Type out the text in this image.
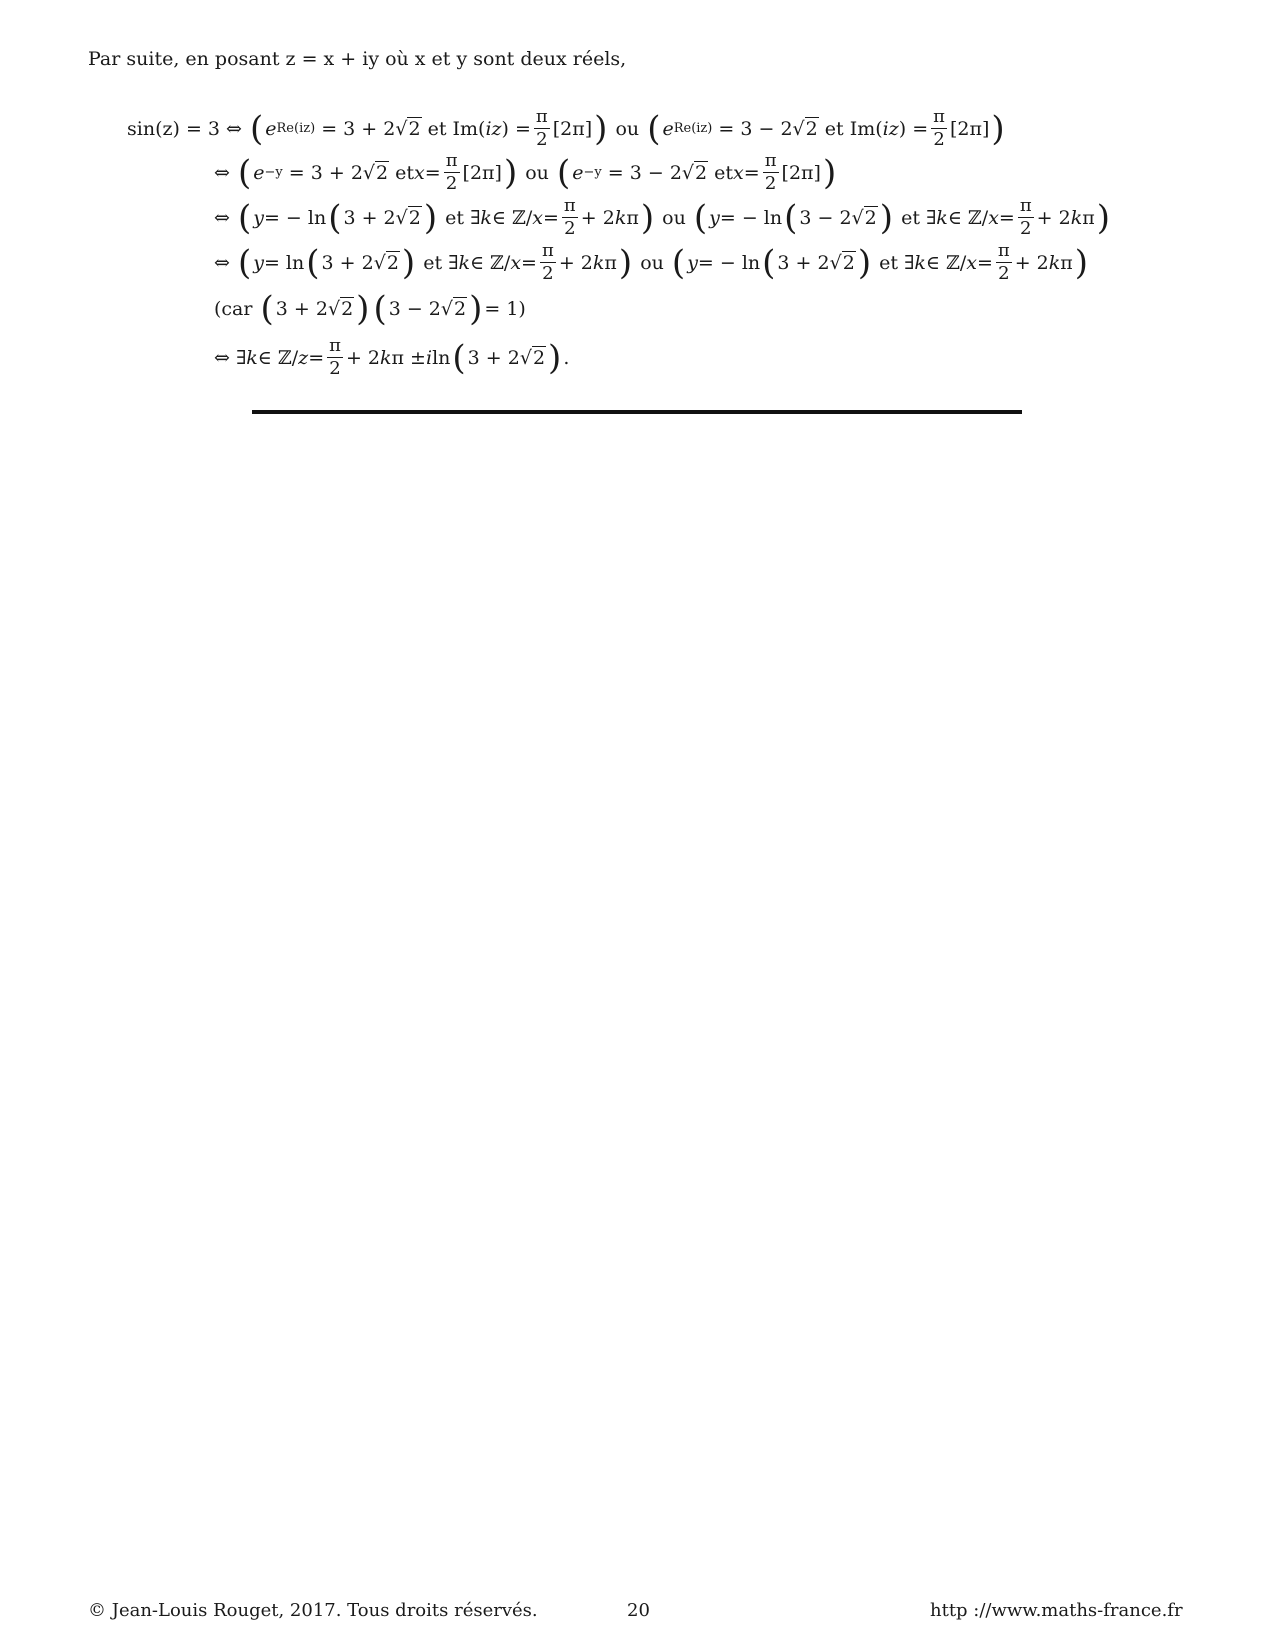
Par suite, en posant z = x + iy où x et y sont deux réels,
sin(z) = 3 ⇔ ( e Re(iz) = 3 + 2 √2 et Im( iz ) = $\frac{\pi}{2} [2\pi]$ ) ou ( e Re(iz) = 3 − 2 √2 et Im( iz ) = $\frac{\pi}{2} [2\pi]$ )
⇔ ( e −y = 3 + 2 √2 et $x = \frac{\pi}{2} [2\pi]$ ) ou ( e −y = 3 − 2 √2 et $x = \frac{\pi}{2} [2\pi]$ )
⇔ ( y = − ln ( 3 + 2 √2 ) et ∃ k ∈ ℤ/ $x = \frac{\pi}{2} + 2$ k π ) ou ( y = − ln ( 3 − 2 √2 ) et ∃ k ∈ ℤ/ $x = \frac{\pi}{2} + 2$ k π )
⇔ ( y = ln ( 3 + 2 √2 ) et ∃ k ∈ ℤ/ $x = \frac{\pi}{2} + 2$ k π ) ou ( y = − ln ( 3 + 2 √2 ) et ∃ k ∈ ℤ/ $x = \frac{\pi}{2} + 2$ k π )
(car
( 3 + 2 √2 ) ( 3 − 2 √2 ) = 1)
⇔ ∃ k ∈ ℤ/ $z = \frac{\pi}{2} + 2$ k π ± i ln ( 3 + 2 √2 ) .
© Jean-Louis Rouget, 2017. Tous droits réservés.	20	http ://www.maths-france.fr
